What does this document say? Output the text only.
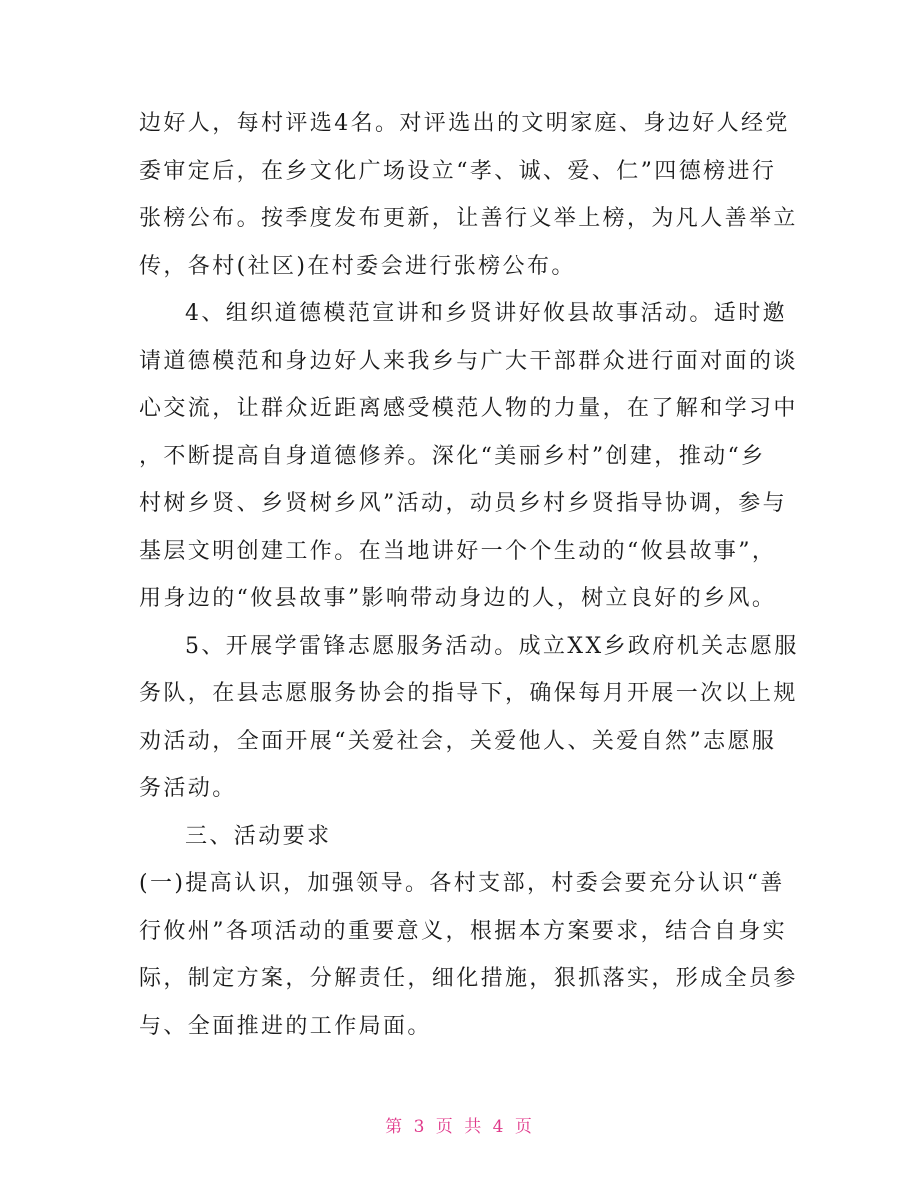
边好人，每村评选4名。对评选出的文明家庭、身边好人经党
委审定后，在乡文化广场设立“孝、诚、爱、仁”四德榜进行
张榜公布。按季度发布更新，让善行义举上榜，为凡人善举立
传，各村(社区)在村委会进行张榜公布。
4、组织道德模范宣讲和乡贤讲好攸县故事活动。适时邀
请道德模范和身边好人来我乡与广大干部群众进行面对面的谈
心交流，让群众近距离感受模范人物的力量，在了解和学习中
，不断提高自身道德修养。深化“美丽乡村”创建，推动“乡
村树乡贤、乡贤树乡风”活动，动员乡村乡贤指导协调，参与
基层文明创建工作。在当地讲好一个个生动的“攸县故事”，
用身边的“攸县故事”影响带动身边的人，树立良好的乡风。
5、开展学雷锋志愿服务活动。成立XX乡政府机关志愿服
务队，在县志愿服务协会的指导下，确保每月开展一次以上规
劝活动，全面开展“关爱社会，关爱他人、关爱自然”志愿服
务活动。
三、活动要求
(一)提高认识，加强领导。各村支部，村委会要充分认识“善
行攸州”各项活动的重要意义，根据本方案要求，结合自身实
际，制定方案，分解责任，细化措施，狠抓落实，形成全员参
与、全面推进的工作局面。
第 3 页 共 4 页
